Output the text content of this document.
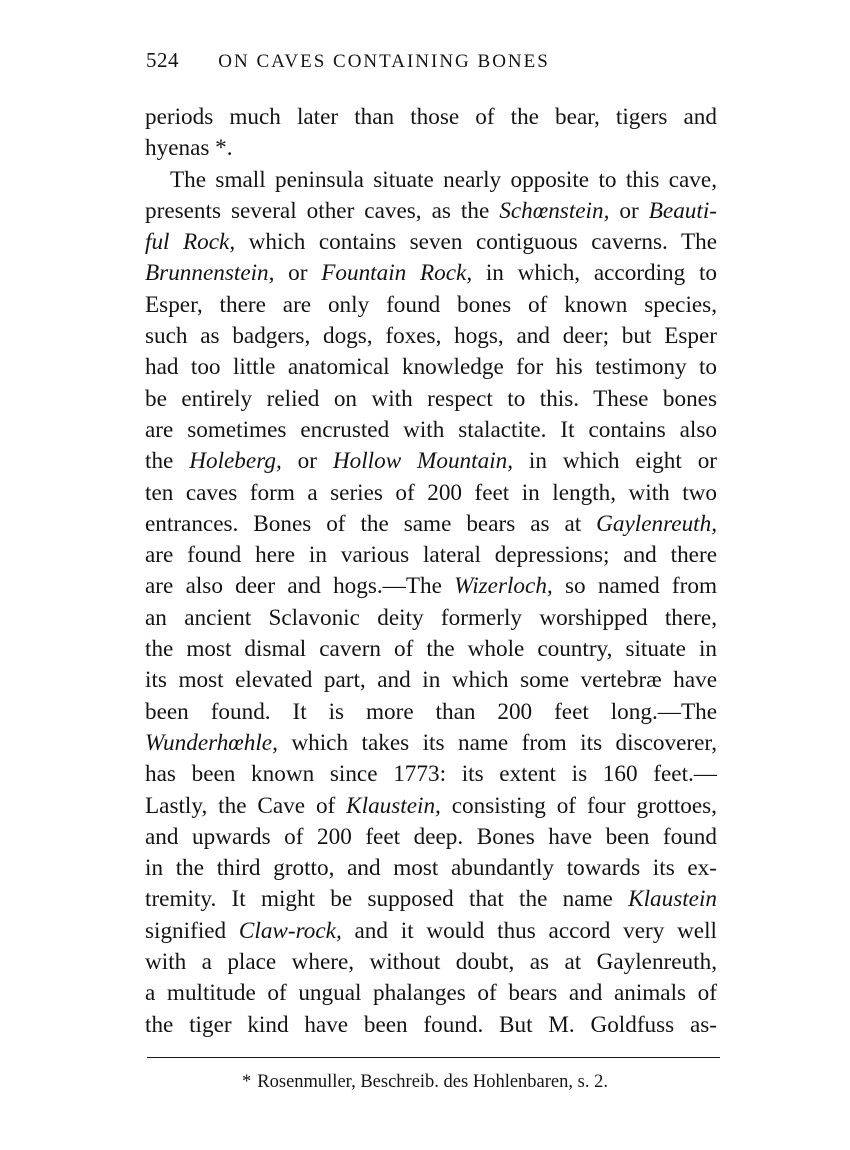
524 ON CAVES CONTAINING BONES
periods much later than those of the bear, tigers and
hyenas *.
The small peninsula situate nearly opposite to this cave,
presents several other caves, as the Schœnstein, or Beauti-
ful Rock, which contains seven contiguous caverns. The
Brunnenstein, or Fountain Rock, in which, according to
Esper, there are only found bones of known species,
such as badgers, dogs, foxes, hogs, and deer; but Esper
had too little anatomical knowledge for his testimony to
be entirely relied on with respect to this. These bones
are sometimes encrusted with stalactite. It contains also
the Holeberg, or Hollow Mountain, in which eight or
ten caves form a series of 200 feet in length, with two
entrances. Bones of the same bears as at Gaylenreuth,
are found here in various lateral depressions; and there
are also deer and hogs.—The Wizerloch, so named from
an ancient Sclavonic deity formerly worshipped there,
the most dismal cavern of the whole country, situate in
its most elevated part, and in which some vertebræ have
been found. It is more than 200 feet long.—The
Wunderhœhle, which takes its name from its discoverer,
has been known since 1773: its extent is 160 feet.—
Lastly, the Cave of Klaustein, consisting of four grottoes,
and upwards of 200 feet deep. Bones have been found
in the third grotto, and most abundantly towards its ex-
tremity. It might be supposed that the name Klaustein
signified Claw-rock, and it would thus accord very well
with a place where, without doubt, as at Gaylenreuth,
a multitude of ungual phalanges of bears and animals of
the tiger kind have been found. But M. Goldfuss as-
* Rosenmuller, Beschreib. des Hohlenbaren, s. 2.
